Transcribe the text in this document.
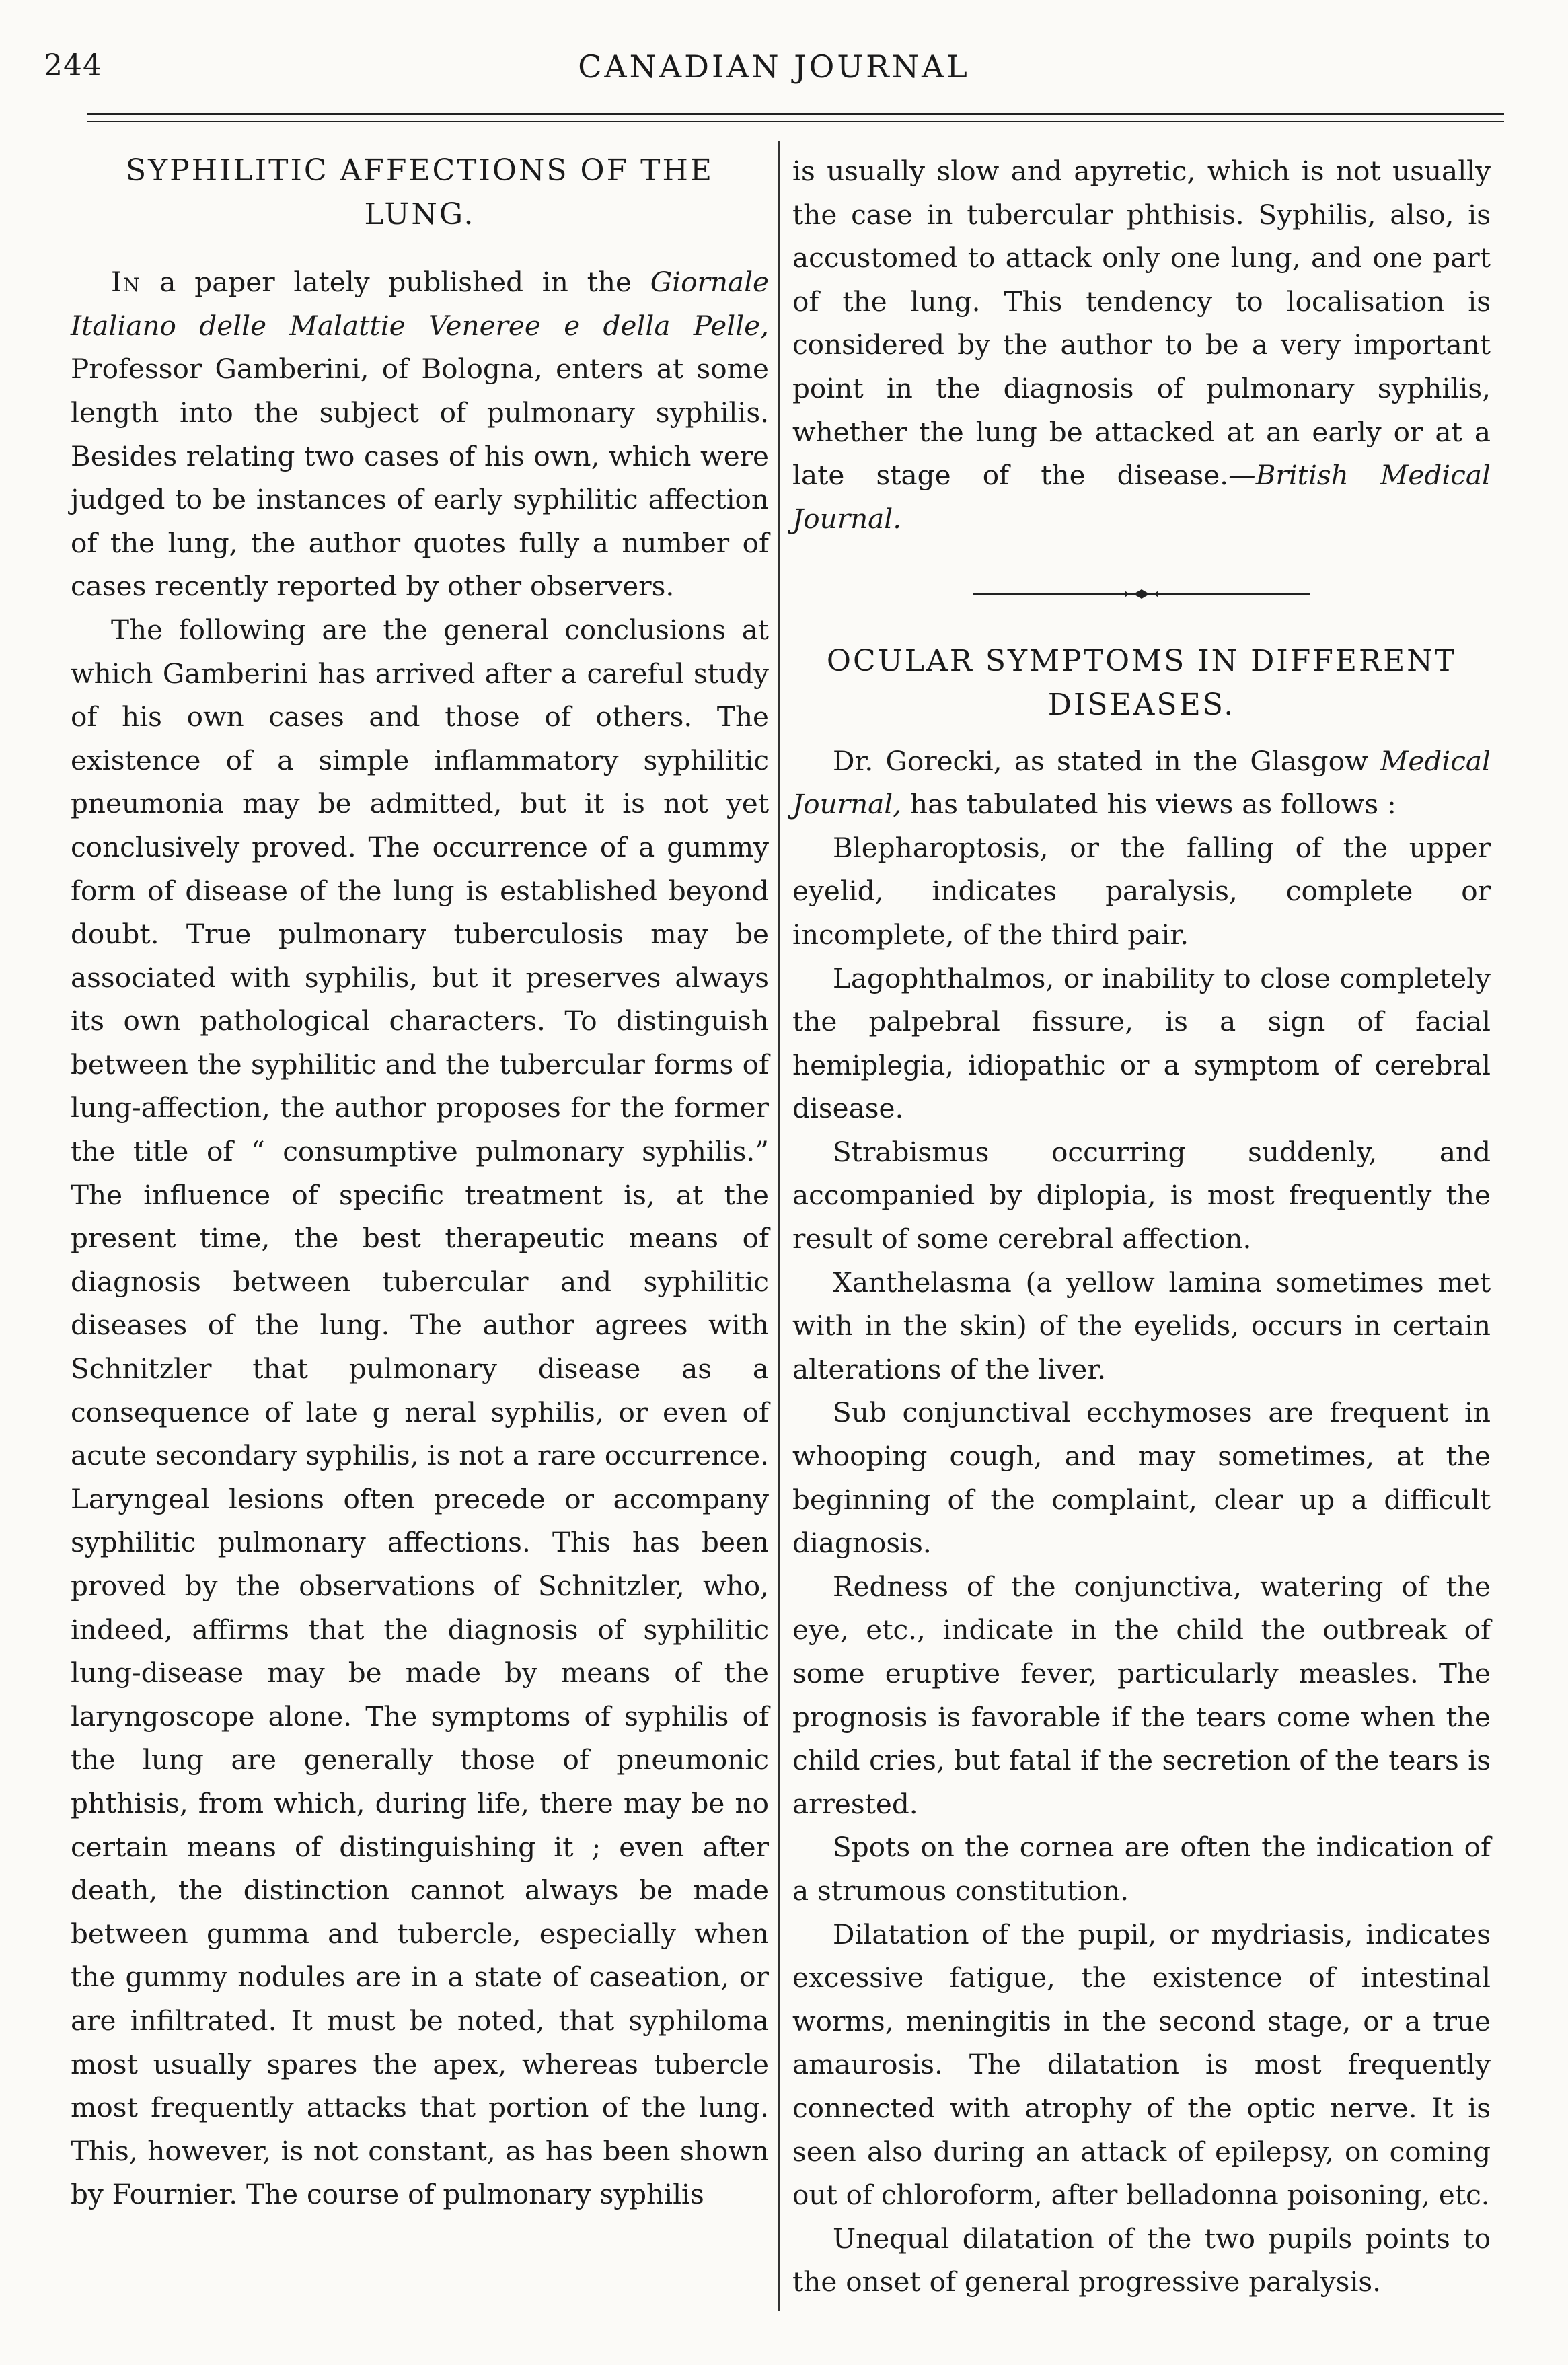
244	CANADIAN JOURNAL
SYPHILITIC AFFECTIONS OF THE LUNG.

In a paper lately published in the Giornale Italiano delle Malattie Veneree e della Pelle, Professor Gamberini, of Bologna, enters at some length into the subject of pulmonary syphilis. Besides relating two cases of his own, which were judged to be instances of early syphilitic affection of the lung, the author quotes fully a number of cases recently reported by other observers.

The following are the general conclusions at which Gamberini has arrived after a careful study of his own cases and those of others. The existence of a simple inflammatory syphilitic pneumonia may be admitted, but it is not yet conclusively proved. The occurrence of a gummy form of disease of the lung is established beyond doubt. True pulmonary tuberculosis may be associated with syphilis, but it preserves always its own pathological characters. To distinguish between the syphilitic and the tubercular forms of lung-affection, the author proposes for the former the title of “ consumptive pulmonary syphilis.” The influence of specific treatment is, at the present time, the best therapeutic means of diagnosis between tubercular and syphilitic diseases of the lung. The author agrees with Schnitzler that pulmonary disease as a consequence of late g neral syphilis, or even of acute secondary syphilis, is not a rare occurrence. Laryngeal lesions often precede or accompany syphilitic pulmonary affections. This has been proved by the observations of Schnitzler, who, indeed, affirms that the diagnosis of syphilitic lung-disease may be made by means of the laryngoscope alone. The symptoms of syphilis of the lung are generally those of pneumonic phthisis, from which, during life, there may be no certain means of distinguishing it ; even after death, the distinction cannot always be made between gumma and tubercle, especially when the gummy nodules are in a state of caseation, or are infiltrated. It must be noted, that syphiloma most usually spares the apex, whereas tubercle most frequently attacks that portion of the lung. This, however, is not constant, as has been shown by Fournier. The course of pulmonary syphilis

is usually slow and apyretic, which is not usually the case in tubercular phthisis. Syphilis, also, is accustomed to attack only one lung, and one part of the lung. This tendency to localisation is considered by the author to be a very important point in the diagnosis of pulmonary syphilis, whether the lung be attacked at an early or at a late stage of the disease.—British Medical Journal.

OCULAR SYMPTOMS IN DIFFERENT DISEASES.

Dr. Gorecki, as stated in the Glasgow Medical Journal, has tabulated his views as follows :

Blepharoptosis, or the falling of the upper eyelid, indicates paralysis, complete or incomplete, of the third pair.

Lagophthalmos, or inability to close completely the palpebral fissure, is a sign of facial hemiplegia, idiopathic or a symptom of cerebral disease.

Strabismus occurring suddenly, and accompanied by diplopia, is most frequently the result of some cerebral affection.

Xanthelasma (a yellow lamina sometimes met with in the skin) of the eyelids, occurs in certain alterations of the liver.

Sub conjunctival ecchymoses are frequent in whooping cough, and may sometimes, at the beginning of the complaint, clear up a difficult diagnosis.

Redness of the conjunctiva, watering of the eye, etc., indicate in the child the outbreak of some eruptive fever, particularly measles. The prognosis is favorable if the tears come when the child cries, but fatal if the secretion of the tears is arrested.

Spots on the cornea are often the indication of a strumous constitution.

Dilatation of the pupil, or mydriasis, indicates excessive fatigue, the existence of intestinal worms, meningitis in the second stage, or a true amaurosis. The dilatation is most frequently connected with atrophy of the optic nerve. It is seen also during an attack of epilepsy, on coming out of chloroform, after belladonna poisoning, etc.

Unequal dilatation of the two pupils points to the onset of general progressive paralysis.
